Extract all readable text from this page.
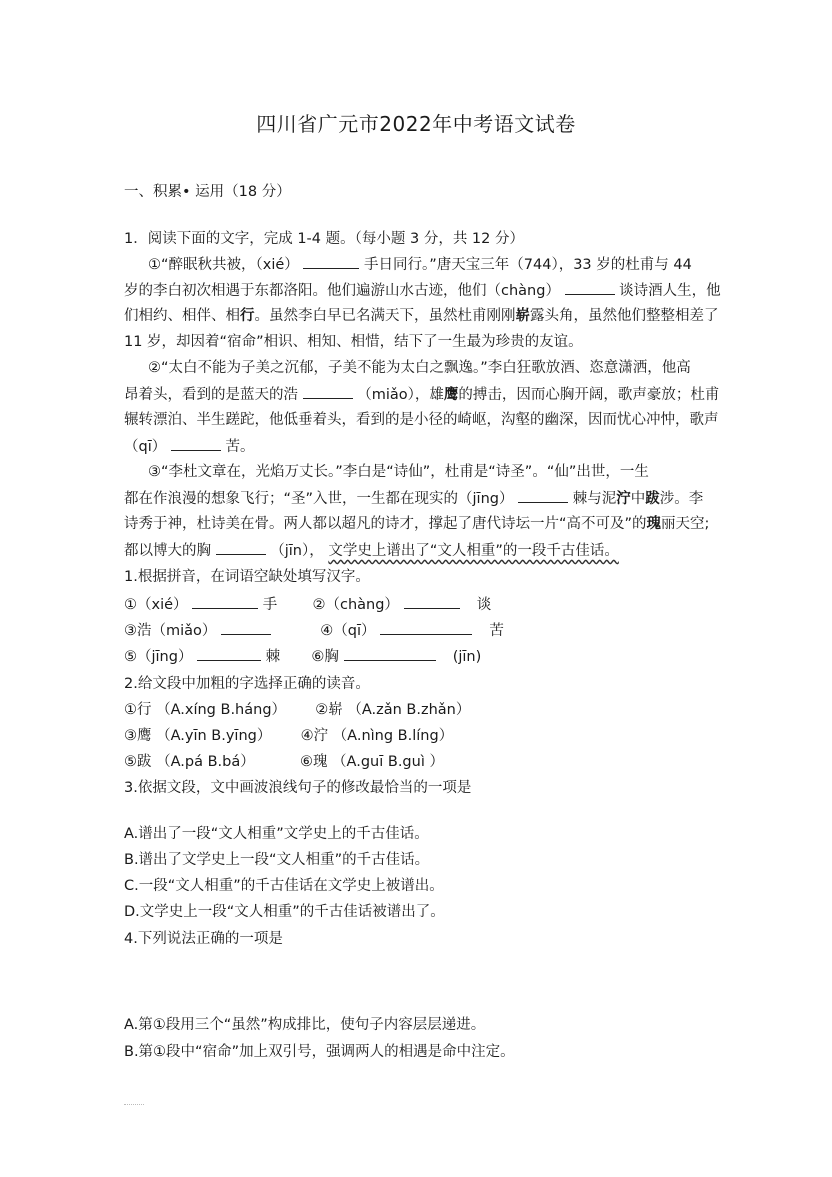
四川省广元市2022年中考语文试卷
一、积累• 运用（18 分）
1．阅读下面的文字，完成 1-4 题。（每小题 3 分，共 12 分）
①“醉眠秋共被，（xié）	手日同行。”唐天宝三年（744），33 岁的杜甫与 44
岁的李白初次相遇于东都洛阳。他们遍游山水古迹，他们（chàng）	谈诗酒人生，他
们相约、相伴、相行。虽然李白早已名满天下，虽然杜甫刚刚崭露头角，虽然他们整整相差了
11 岁，却因着“宿命”相识、相知、相惜，结下了一生最为珍贵的友谊。
②“太白不能为子美之沉郁，子美不能为太白之飘逸。”李白狂歌放酒、恣意潇洒，他高
昂着头，看到的是蓝天的浩	（miǎo），雄鹰的搏击，因而心胸开阔，歌声豪放；杜甫
辗转漂泊、半生蹉跎，他低垂着头，看到的是小径的崎岖，沟壑的幽深，因而忧心冲忡，歌声
（qī）	苦。
③“李杜文章在，光焰万丈长。”李白是“诗仙”，杜甫是“诗圣”。“仙”出世，一生
都在作浪漫的想象飞行；“圣”入世，一生都在现实的（jīng）	棘与泥泞中跋涉。李
诗秀于神，杜诗美在骨。两人都以超凡的诗才，撑起了唐代诗坛一片“高不可及”的瑰丽天空;
都以博大的胸	（jīn）， 文学史上谱出了“文人相重”的一段千古佳话。
1.根据拼音，在词语空缺处填写汉字。
①（xié）	手 ②（chàng）	谈
③浩（miǎo）	④（qī）	苦
⑤（jīng）	棘 ⑥胸	(jīn)
2.给文段中加粗的字选择正确的读音。
①行 （A.xíng B.háng） ②崭 （A.zǎn B.zhǎn）
③鹰 （A.yīn B.yīng） ④泞 （A.nìng B.líng）
⑤跋 （A.pá B.bá）	⑥瑰 （A.guī B.guì ）
3.依据文段，文中画波浪线句子的修改最恰当的一项是
A.谱出了一段“文人相重”文学史上的千古佳话。
B.谱出了文学史上一段“文人相重”的千古佳话。
C.一段“文人相重”的千古佳话在文学史上被谱出。
D.文学史上一段“文人相重”的千古佳话被谱出了。
4.下列说法正确的一项是
A.第①段用三个“虽然”构成排比，使句子内容层层递进。
B.第①段中“宿命”加上双引号，强调两人的相遇是命中注定。
